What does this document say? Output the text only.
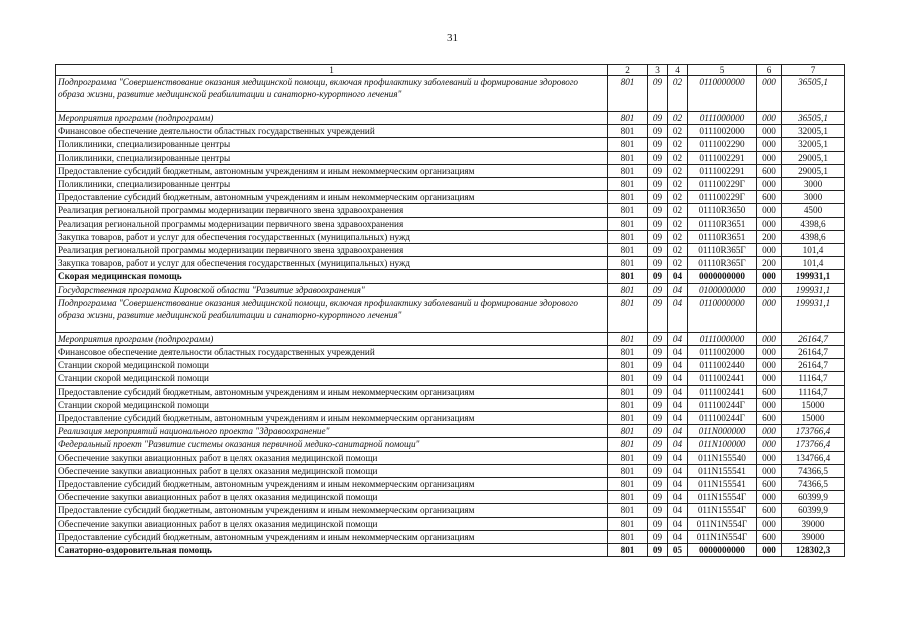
31
1	2	3	4	5	6	7
Подпрограмма "Совершенствование оказания медицинской помощи, включая профилактику заболеваний и формирование здорового образа жизни, развитие медицинской реабилитации и санаторно-курортного лечения"	801	09	02	0110000000	000	36505,1
Мероприятия программ (подпрограмм)	801	09	02	0111000000	000	36505,1
Финансовое обеспечение деятельности областных государственных учреждений	801	09	02	0111002000	000	32005,1
Поликлиники, специализированные центры	801	09	02	0111002290	000	32005,1
Поликлиники, специализированные центры	801	09	02	0111002291	000	29005,1
Предоставление субсидий бюджетным, автономным учреждениям и иным некоммерческим организациям	801	09	02	0111002291	600	29005,1
Поликлиники, специализированные центры	801	09	02	011100229Г	000	3000
Предоставление субсидий бюджетным, автономным учреждениям и иным некоммерческим организациям	801	09	02	011100229Г	600	3000
Реализация региональной программы модернизации первичного звена здравоохранения	801	09	02	01110R3650	000	4500
Реализация региональной программы модернизации первичного звена здравоохранения	801	09	02	01110R3651	000	4398,6
Закупка товаров, работ и услуг для обеспечения государственных (муниципальных) нужд	801	09	02	01110R3651	200	4398,6
Реализация региональной программы модернизации первичного звена здравоохранения	801	09	02	01110R365Г	000	101,4
Закупка товаров, работ и услуг для обеспечения государственных (муниципальных) нужд	801	09	02	01110R365Г	200	101,4
Скорая медицинская помощь	801	09	04	0000000000	000	199931,1
Государственная программа Кировской области "Развитие здравоохранения"	801	09	04	0100000000	000	199931,1
Подпрограмма "Совершенствование оказания медицинской помощи, включая профилактику заболеваний и формирование здорового образа жизни, развитие медицинской реабилитации и санаторно-курортного лечения"	801	09	04	0110000000	000	199931,1
Мероприятия программ (подпрограмм)	801	09	04	0111000000	000	26164,7
Финансовое обеспечение деятельности областных государственных учреждений	801	09	04	0111002000	000	26164,7
Станции скорой медицинской помощи	801	09	04	0111002440	000	26164,7
Станции скорой медицинской помощи	801	09	04	0111002441	000	11164,7
Предоставление субсидий бюджетным, автономным учреждениям и иным некоммерческим организациям	801	09	04	0111002441	600	11164,7
Станции скорой медицинской помощи	801	09	04	011100244Г	000	15000
Предоставление субсидий бюджетным, автономным учреждениям и иным некоммерческим организациям	801	09	04	011100244Г	600	15000
Реализация мероприятий национального проекта "Здравоохранение"	801	09	04	011N000000	000	173766,4
Федеральный проект "Развитие системы оказания первичной медико-санитарной помощи"	801	09	04	011N100000	000	173766,4
Обеспечение закупки авиационных работ в целях оказания медицинской помощи	801	09	04	011N155540	000	134766,4
Обеспечение закупки авиационных работ в целях оказания медицинской помощи	801	09	04	011N155541	000	74366,5
Предоставление субсидий бюджетным, автономным учреждениям и иным некоммерческим организациям	801	09	04	011N155541	600	74366,5
Обеспечение закупки авиационных работ в целях оказания медицинской помощи	801	09	04	011N15554Г	000	60399,9
Предоставление субсидий бюджетным, автономным учреждениям и иным некоммерческим организациям	801	09	04	011N15554Г	600	60399,9
Обеспечение закупки авиационных работ в целях оказания медицинской помощи	801	09	04	011N1N554Г	000	39000
Предоставление субсидий бюджетным, автономным учреждениям и иным некоммерческим организациям	801	09	04	011N1N554Г	600	39000
Санаторно-оздоровительная помощь	801	09	05	0000000000	000	128302,3
